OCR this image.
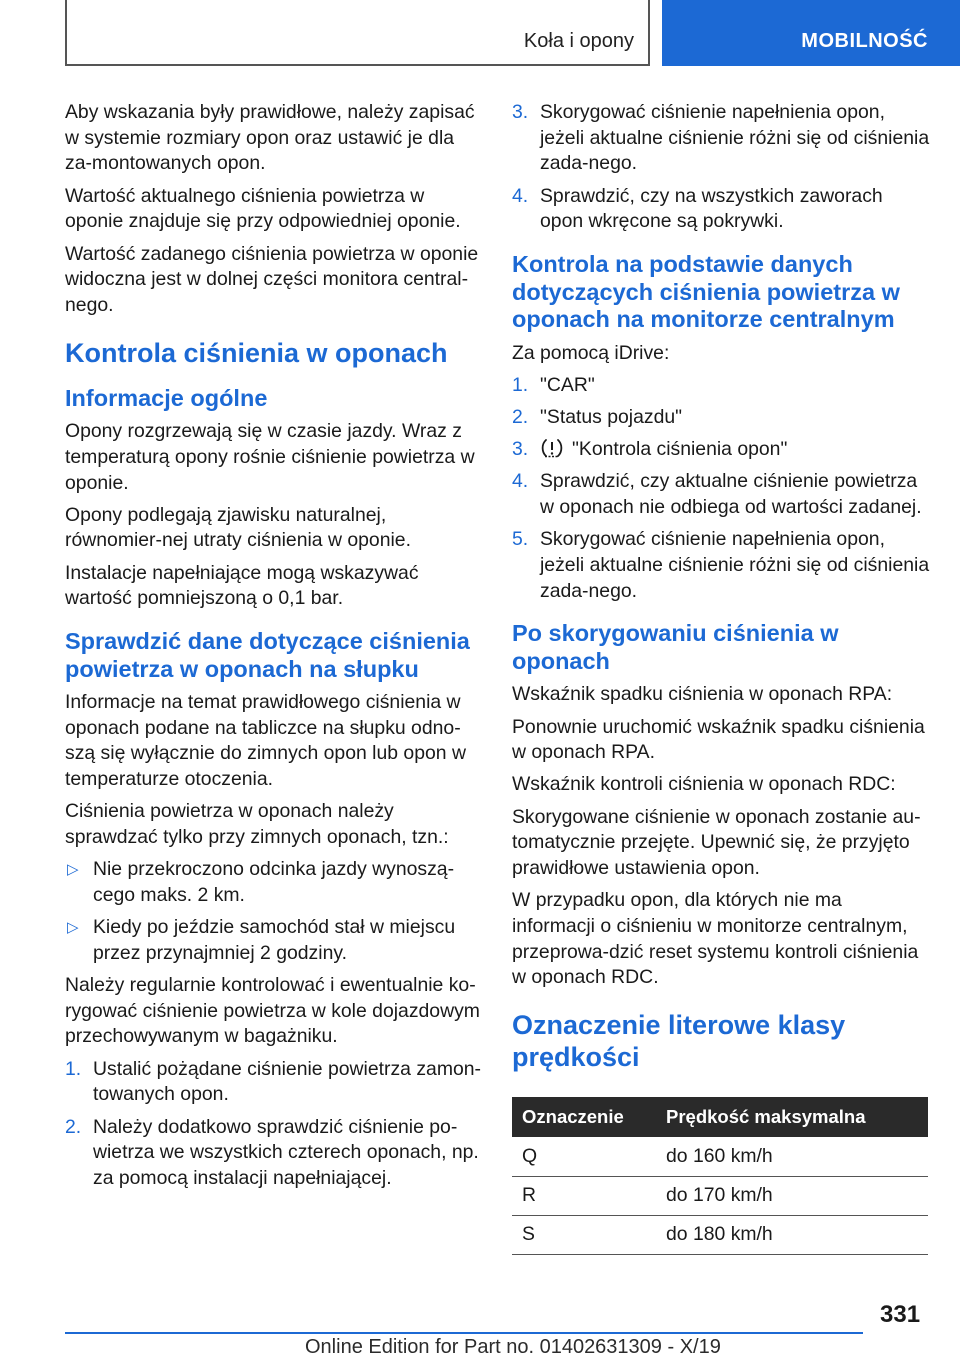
Koła i opony	MOBILNOŚĆ

Aby wskazania były prawidłowe, należy zapisać w systemie rozmiary opon oraz ustawić je dla za-montowanych opon.

Wartość aktualnego ciśnienia powietrza w oponie znajduje się przy odpowiedniej oponie.

Wartość zadanego ciśnienia powietrza w oponie widoczna jest w dolnej części monitora central-nego.

Kontrola ciśnienia w oponach
Informacje ogólne

Opony rozgrzewają się w czasie jazdy. Wraz z temperaturą opony rośnie ciśnienie powietrza w oponie.

Opony podlegają zjawisku naturalnej, równomier-nej utraty ciśnienia w oponie.

Instalacje napełniające mogą wskazywać wartość pomniejszoną o 0,1 bar.

Sprawdzić dane dotyczące ciśnienia powietrza w oponach na słupku

Informacje na temat prawidłowego ciśnienia w oponach podane na tabliczce na słupku odno-szą się wyłącznie do zimnych opon lub opon w temperaturze otoczenia.

Ciśnienia powietrza w oponach należy sprawdzać tylko przy zimnych oponach, tzn.:

▷ Nie przekroczono odcinka jazdy wynoszą-cego maks. 2 km.
▷ Kiedy po jeździe samochód stał w miejscu przez przynajmniej 2 godziny.

Należy regularnie kontrolować i ewentualnie ko-rygować ciśnienie powietrza w kole dojazdowym przechowywanym w bagażniku.

1. Ustalić pożądane ciśnienie powietrza zamon-towanych opon.
2. Należy dodatkowo sprawdzić ciśnienie po-wietrza we wszystkich czterech oponach, np. za pomocą instalacji napełniającej.
3. Skorygować ciśnienie napełnienia opon, jeżeli aktualne ciśnienie różni się od ciśnienia zada-nego.
4. Sprawdzić, czy na wszystkich zaworach opon wkręcone są pokrywki.
Kontrola na podstawie danych dotyczących ciśnienia powietrza w oponach na monitorze centralnym

Za pomocą iDrive:

1. "CAR"
2. "Status pojazdu"
3. "Kontrola ciśnienia opon"
4. Sprawdzić, czy aktualne ciśnienie powietrza w oponach nie odbiega od wartości zadanej.
5. Skorygować ciśnienie napełnienia opon, jeżeli aktualne ciśnienie różni się od ciśnienia zada-nego.
Po skorygowaniu ciśnienia w oponach

Wskaźnik spadku ciśnienia w oponach RPA:

Ponownie uruchomić wskaźnik spadku ciśnienia w oponach RPA.

Wskaźnik kontroli ciśnienia w oponach RDC:

Skorygowane ciśnienie w oponach zostanie au-tomatycznie przejęte. Upewnić się, że przyjęto prawidłowe ustawienia opon.

W przypadku opon, dla których nie ma informacji o ciśnieniu w monitorze centralnym, przeprowa-dzić reset systemu kontroli ciśnienia w oponach RDC.

Oznaczenie literowe klasy prędkości
Oznaczenie	Prędkość maksymalna
Q	do 160 km/h
R	do 170 km/h
S	do 180 km/h
331
Online Edition for Part no. 01402631309 - X/19
